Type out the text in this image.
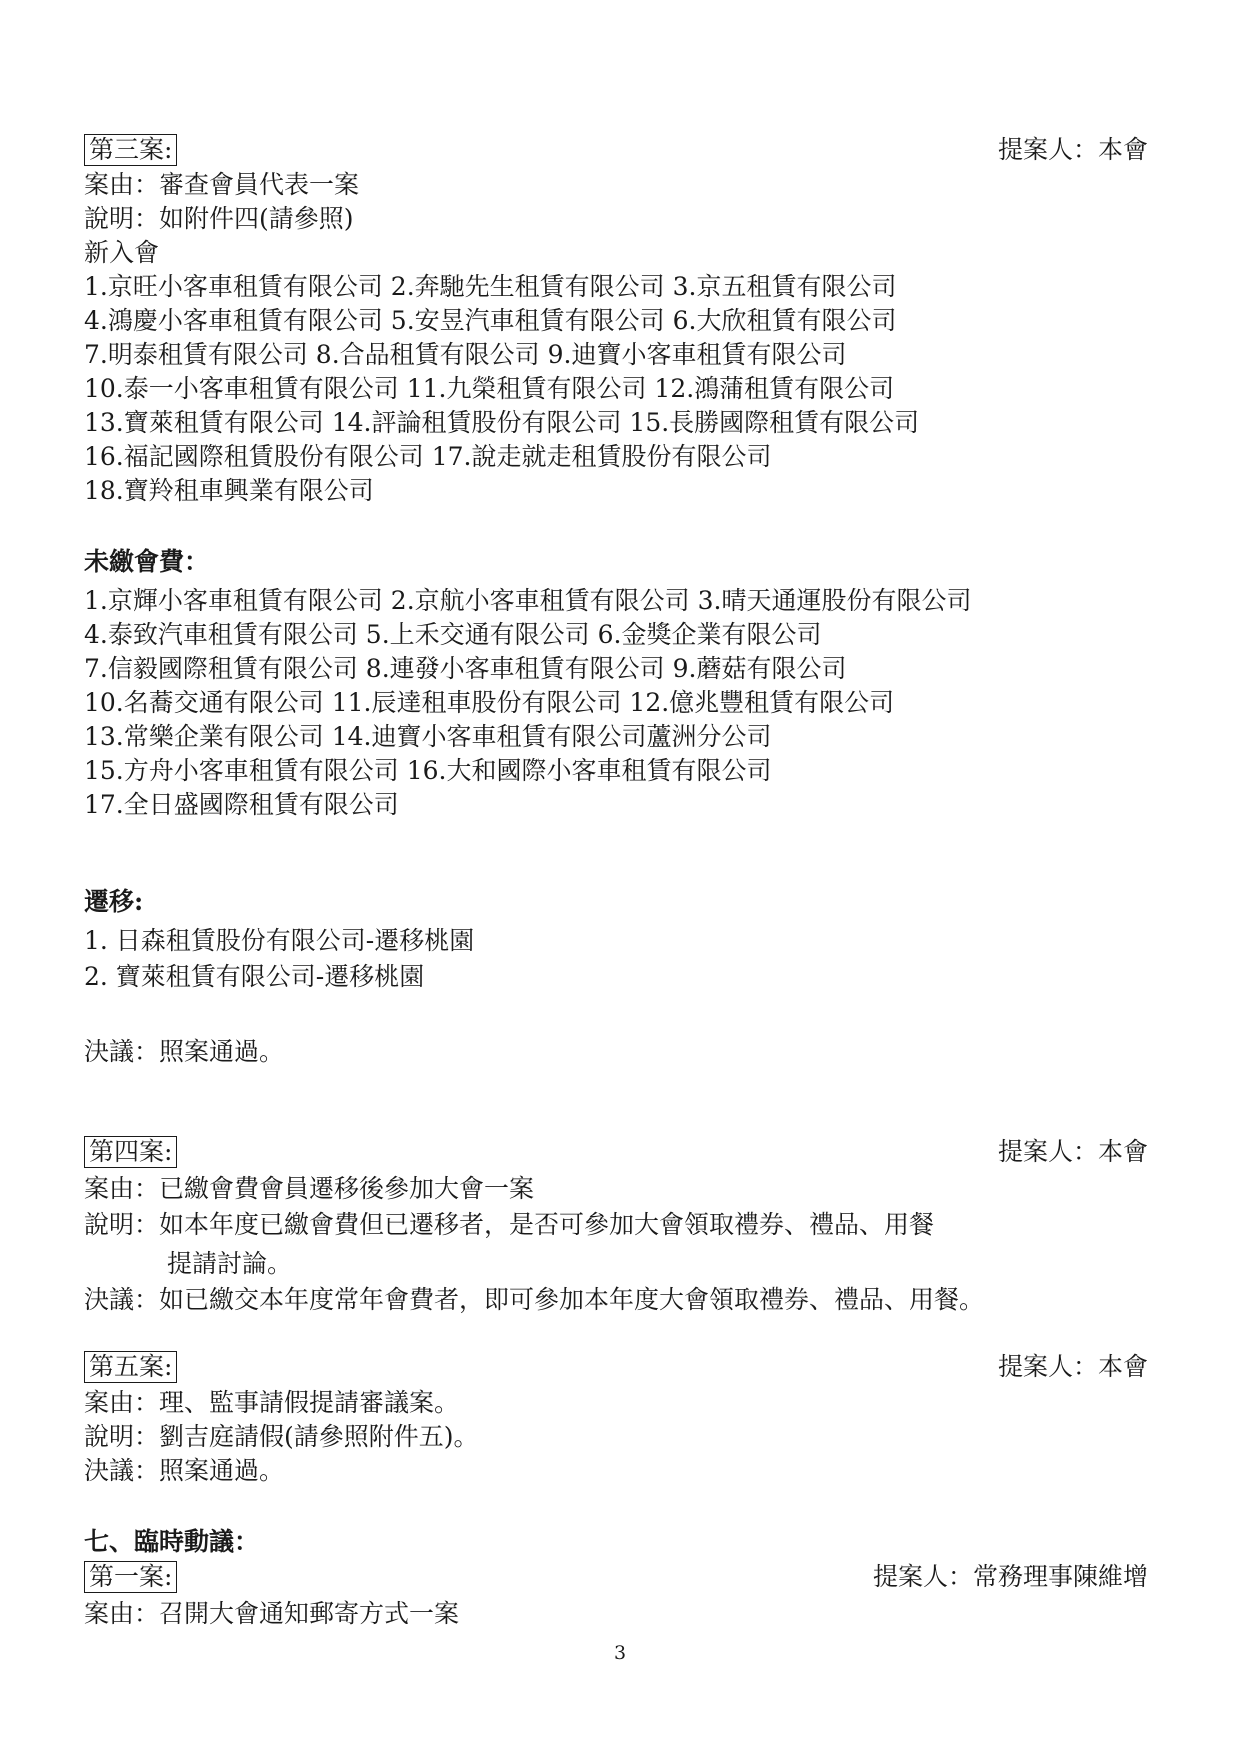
第三案:	提案人：本會
案由：審查會員代表一案
說明：如附件四(請參照)
新入會
1.京旺小客車租賃有限公司 2.奔馳先生租賃有限公司 3.京五租賃有限公司
4.鴻慶小客車租賃有限公司 5.安昱汽車租賃有限公司 6.大欣租賃有限公司
7.明泰租賃有限公司 8.合品租賃有限公司 9.迪寶小客車租賃有限公司
10.泰一小客車租賃有限公司 11.九榮租賃有限公司 12.鴻蒲租賃有限公司
13.寶萊租賃有限公司 14.評論租賃股份有限公司 15.長勝國際租賃有限公司
16.福記國際租賃股份有限公司 17.說走就走租賃股份有限公司
18.寶羚租車興業有限公司
未繳會費：
1.京輝小客車租賃有限公司 2.京航小客車租賃有限公司 3.晴天通運股份有限公司
4.泰致汽車租賃有限公司 5.上禾交通有限公司 6.金獎企業有限公司
7.信毅國際租賃有限公司 8.連發小客車租賃有限公司 9.蘑菇有限公司
10.名蕎交通有限公司 11.辰達租車股份有限公司 12.億兆豐租賃有限公司
13.常樂企業有限公司 14.迪寶小客車租賃有限公司蘆洲分公司
15.方舟小客車租賃有限公司 16.大和國際小客車租賃有限公司
17.全日盛國際租賃有限公司
遷移:
1. 日森租賃股份有限公司-遷移桃園
2. 寶萊租賃有限公司-遷移桃園
決議：照案通過。
第四案:	提案人：本會
案由：已繳會費會員遷移後參加大會一案
說明：如本年度已繳會費但已遷移者，是否可參加大會領取禮券、禮品、用餐
提請討論。
決議：如已繳交本年度常年會費者，即可參加本年度大會領取禮券、禮品、用餐。
第五案:	提案人：本會
案由：理、監事請假提請審議案。
說明：劉吉庭請假(請參照附件五)。
決議：照案通過。
七、臨時動議：
第一案:	提案人：常務理事陳維增
案由：召開大會通知郵寄方式一案
3
